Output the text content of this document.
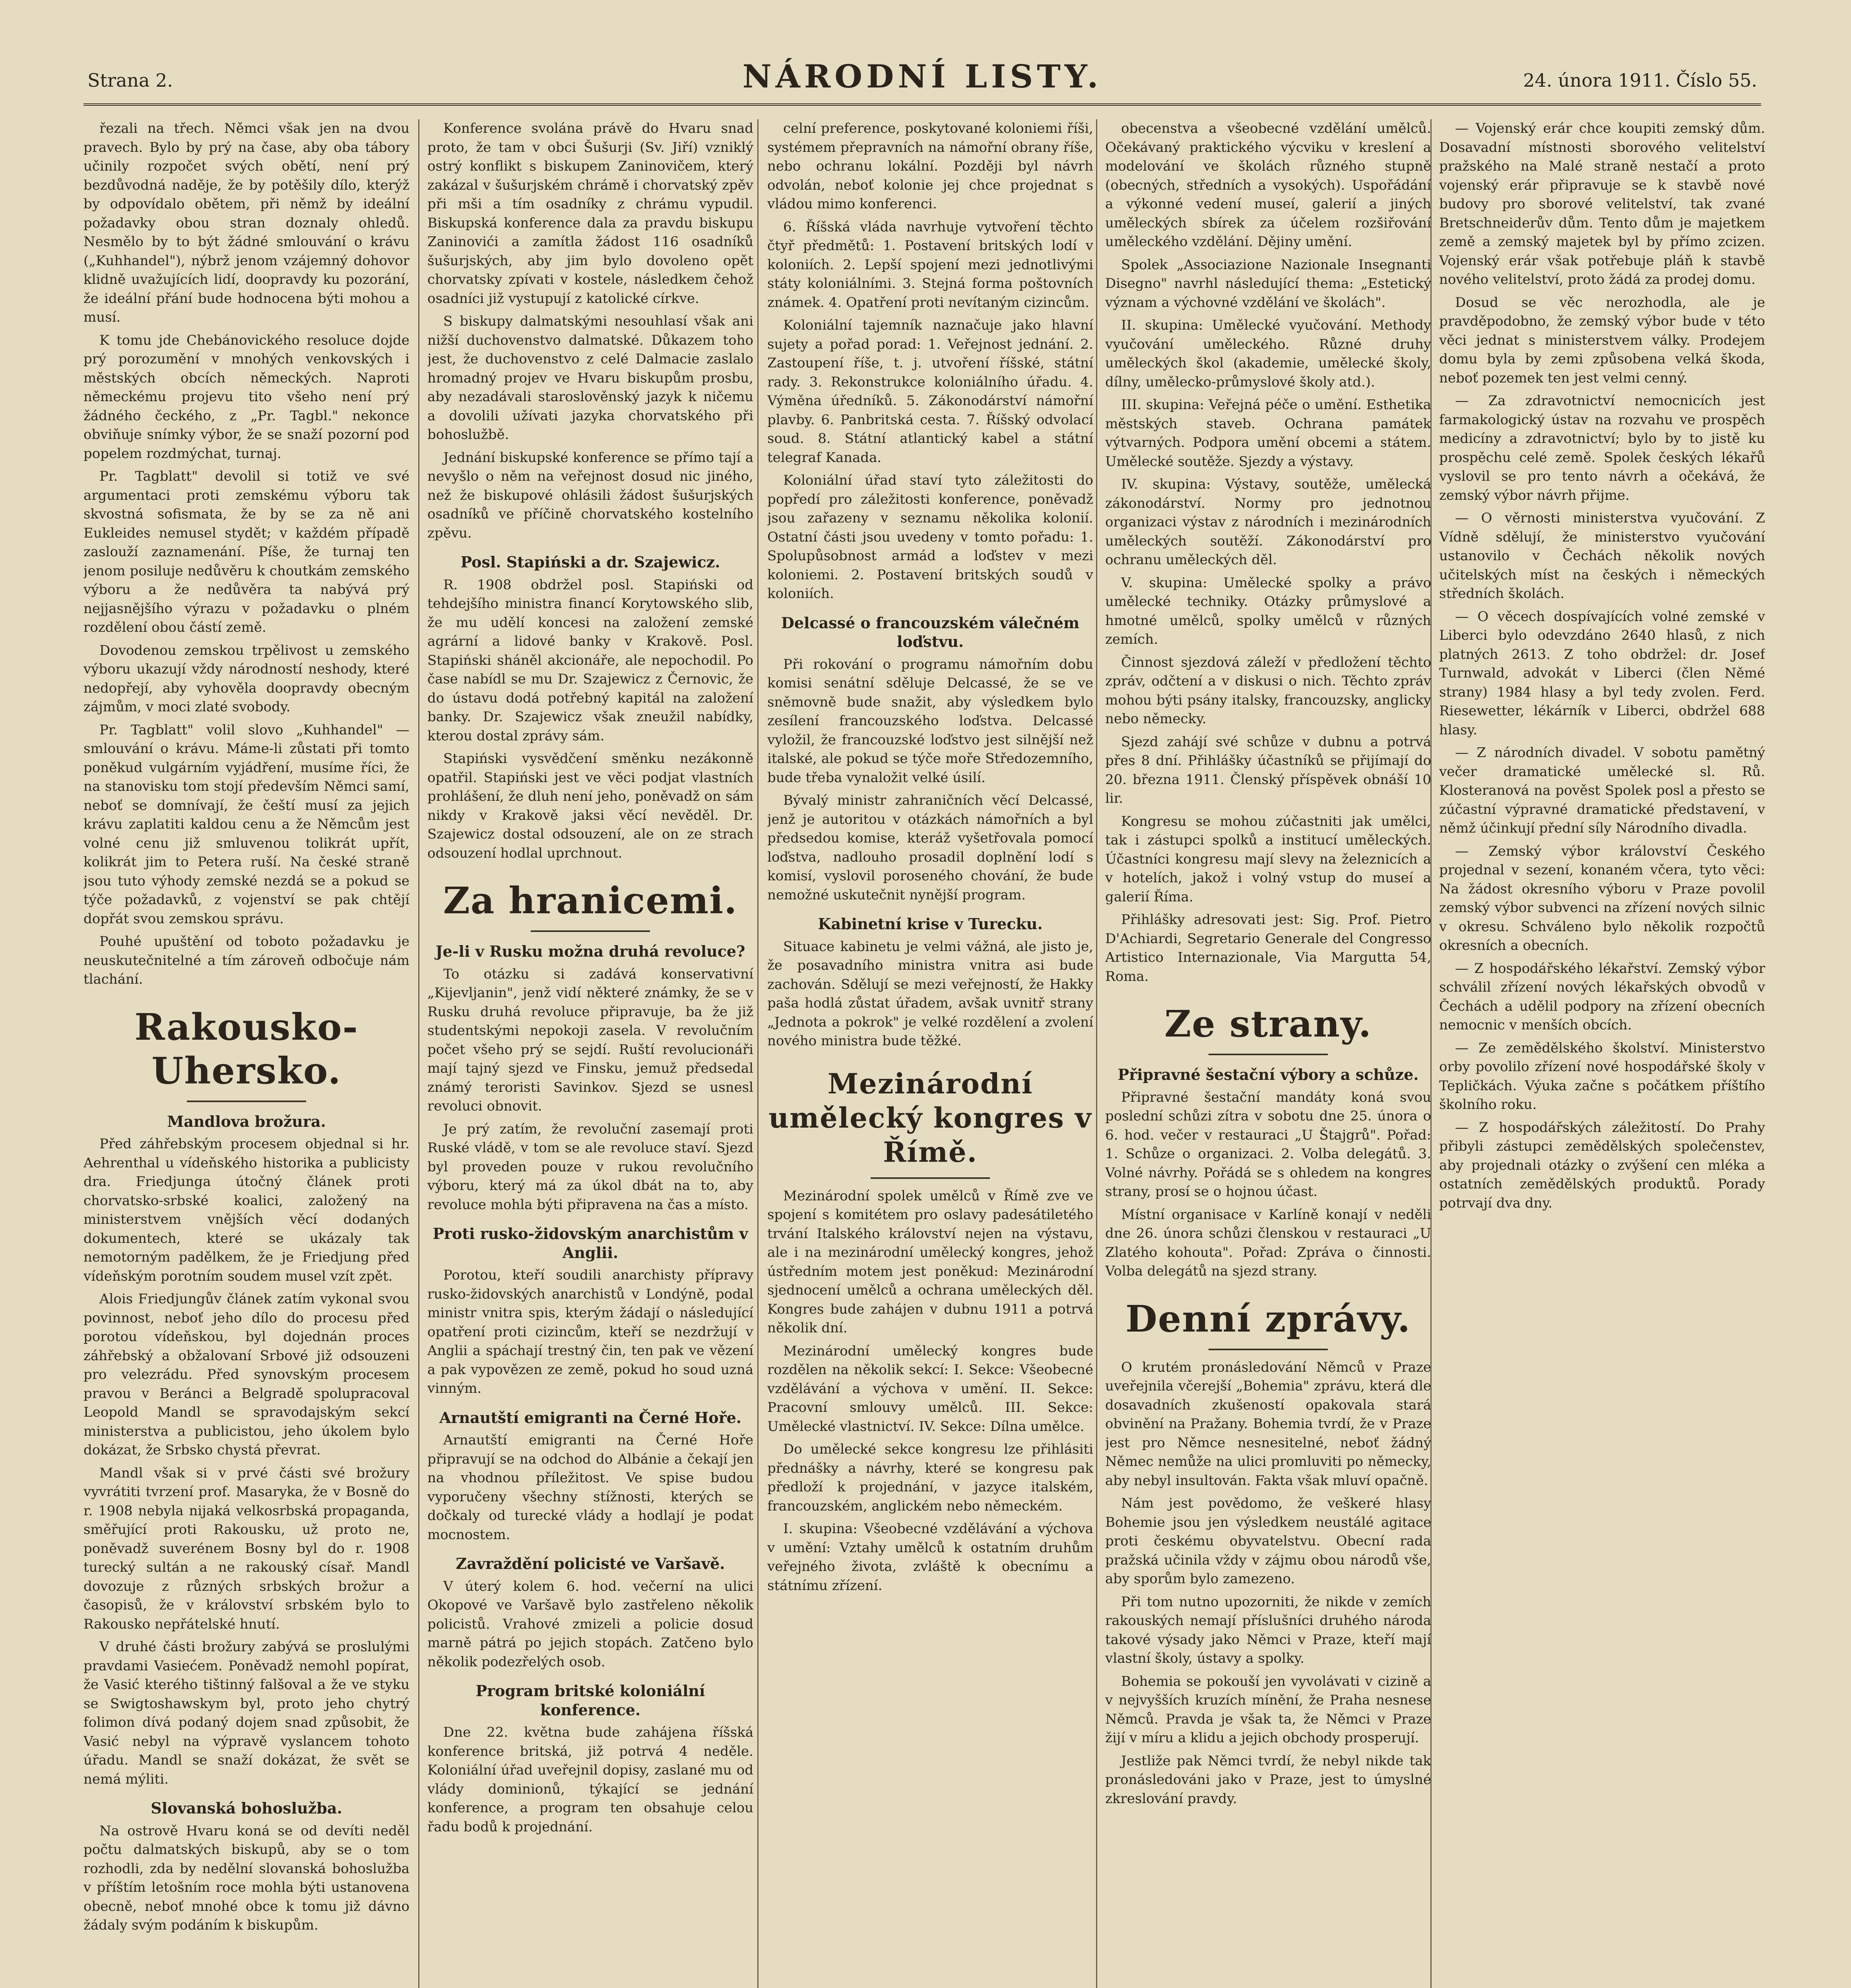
Strana 2.	NÁRODNÍ LISTY.	24. února 1911. Číslo 55.

řezali na třech. Němci však jen na dvou pravech. Bylo by prý na čase, aby oba tábory učinily rozpočet svých obětí, není prý bezdůvodná naděje, že by potěšily dílo, kterýž by odpovídalo obětem, při němž by ideální požadavky obou stran doznaly ohledů. Nesmělo by to být žádné smlouvání o krávu („Kuhhandel"), nýbrž jenom vzájemný dohovor klidně uvažujících lidí, doopravdy ku pozorání, že ideální přání bude hodnocena býti mohou a musí.

K tomu jde Chebánovického resoluce dojde prý porozumění v mnohých venkovských i městských obcích německých. Naproti německému projevu tito všeho není prý žádného čeckého, z „Pr. Tagbl." nekonce obviňuje snímky výbor, že se snaží pozorní pod popelem rozdmýchat, turnaj.

Pr. Tagblatt" devolil si totiž ve své argumentaci proti zemskému výboru tak skvostná sofismata, že by se za ně ani Eukleides nemusel stydět; v každém případě zaslouží zaznamenání. Píše, že turnaj ten jenom posiluje nedůvěru k choutkám zemského výboru a že nedůvěra ta nabývá prý nejjasnějšího výrazu v požadavku o plném rozdělení obou částí země.

Dovodenou zemskou trpělivost u zemského výboru ukazují vždy národností neshody, které nedopřejí, aby vyhověla doopravdy obecným zájmům, v moci zlaté svobody.

Pr. Tagblatt" volil slovo „Kuhhandel" — smlouvání o krávu. Máme-li zůstati při tomto poněkud vulgárním vyjádření, musíme říci, že na stanovisku tom stojí především Němci samí, neboť se domnívají, že čeští musí za jejich krávu zaplatiti kaldou cenu a že Němcům jest volné cenu již smluvenou tolikrát upřít, kolikrát jim to Petera ruší. Na české straně jsou tuto výhody zemské nezdá se a pokud se týče požadavků, z vojenství se pak chtějí dopřát svou zemskou správu.

Pouhé upuštění od toboto požadavku je neuskutečnitelné a tím zároveň odbočuje nám tlachání.

Rakousko-Uhersko.
Mandlova brožura.

Před záhřebským procesem objednal si hr. Aehrenthal u vídeňského historika a publicisty dra. Friedjunga útočný článek proti chorvatsko-srbské koalici, založený na ministerstvem vnějších věcí dodaných dokumentech, které se ukázaly tak nemotorným padělkem, že je Friedjung před vídeňským porotním soudem musel vzít zpět.

Alois Friedjungův článek zatím vykonal svou povinnost, neboť jeho dílo do procesu před porotou vídeňskou, byl dojednán proces záhřebský a obžalovaní Srbové již odsouzeni pro velezrádu. Před synovským procesem pravou v Beránci a Belgradě spolupracoval Leopold Mandl se spravodajským sekcí ministerstva a publicistou, jeho úkolem bylo dokázat, že Srbsko chystá převrat.

Mandl však si v prvé části své brožury vyvrátiti tvrzení prof. Masaryka, že v Bosně do r. 1908 nebyla nijaká velkosrbská propaganda, směřující proti Rakousku, už proto ne, poněvadž suverénem Bosny byl do r. 1908 turecký sultán a ne rakouský císař. Mandl dovozuje z různých srbských brožur a časopisů, že v království srbském bylo to Rakousko nepřátelské hnutí.

V druhé části brožury zabývá se proslulými pravdami Vasiećem. Poněvadž nemohl popírat, že Vasić kterého tištinný falšoval a že ve styku se Swigtoshawskym byl, proto jeho chytrý folimon dívá podaný dojem snad způsobit, že Vasić nebyl na výpravě vyslancem tohoto úřadu. Mandl se snaží dokázat, že svět se nemá mýliti.

Slovanská bohoslužba.

Na ostrově Hvaru koná se od devíti neděl počtu dalmatských biskupů, aby se o tom rozhodli, zda by nedělní slovanská bohoslužba v příštím letošním roce mohla býti ustanovena obecně, neboť mnohé obce k tomu již dávno žádaly svým podáním k biskupům.

Konference svolána právě do Hvaru snad proto, že tam v obci Šušurji (Sv. Jiří) vzniklý ostrý konflikt s biskupem Zaninovičem, který zakázal v šušurjském chrámě i chorvatský zpěv při mši a tím osadníky z chrámu vypudil. Biskupská konference dala za pravdu biskupu Zaninovići a zamítla žádost 116 osadníků šušurjských, aby jim bylo dovoleno opět chorvatsky zpívati v kostele, následkem čehož osadníci již vystupují z katolické církve.

S biskupy dalmatskými nesouhlasí však ani nižší duchovenstvo dalmatské. Důkazem toho jest, že duchovenstvo z celé Dalmacie zaslalo hromadný projev ve Hvaru biskupům prosbu, aby nezadávali staroslověnský jazyk k ničemu a dovolili užívati jazyka chorvatského při bohoslužbě.

Jednání biskupské konference se přímo tají a nevyšlo o něm na veřejnost dosud nic jiného, než že biskupové ohlásili žádost šušurjských osadníků ve příčině chorvatského kostelního zpěvu.

Posl. Stapiński a dr. Szajewicz.

R. 1908 obdržel posl. Stapiński od tehdejšího ministra financí Korytowského slib, že mu udělí koncesi na založení zemské agrární a lidové banky v Krakově. Posl. Stapiński sháněl akcionáře, ale nepochodil. Po čase nabídl se mu Dr. Szajewicz z Černovic, že do ústavu dodá potřebný kapitál na založení banky. Dr. Szajewicz však zneužil nabídky, kterou dostal zprávy sám.

Stapiński vysvědčení směnku nezákonně opatřil. Stapiński jest ve věci podjat vlastních prohlášení, že dluh není jeho, poněvadž on sám nikdy v Krakově jaksi věcí nevěděl. Dr. Szajewicz dostal odsouzení, ale on ze strach odsouzení hodlal uprchnout.

Za hranicemi.
Je-li v Rusku možna druhá revoluce?

To otázku si zadává konservativní „Kijevljanin", jenž vidí některé známky, že se v Rusku druhá revoluce připravuje, ba že již studentskými nepokoji zasela. V revolučním počet všeho prý se sejdí. Ruští revolucionáři mají tajný sjezd ve Finsku, jemuž předsedal známý teroristi Savinkov. Sjezd se usnesl revoluci obnovit.

Je prý zatím, že revoluční zasemají proti Ruské vládě, v tom se ale revoluce staví. Sjezd byl proveden pouze v rukou revolučního výboru, který má za úkol dbát na to, aby revoluce mohla býti připravena na čas a místo.

Proti rusko-židovským anarchistům v Anglii.

Porotou, kteří soudili anarchisty přípravy rusko-židovských anarchistů v Londýně, podal ministr vnitra spis, kterým žádají o následující opatření proti cizincům, kteří se nezdržují v Anglii a spáchají trestný čin, ten pak ve vězení a pak vypovězen ze země, pokud ho soud uzná vinným.

Arnautští emigranti na Černé Hoře.

Arnautští emigranti na Černé Hoře připravují se na odchod do Albánie a čekají jen na vhodnou příležitost. Ve spise budou vyporučeny všechny stížnosti, kterých se dočkaly od turecké vlády a hodlají je podat mocnostem.

Zavraždění policisté ve Varšavě.

V úterý kolem 6. hod. večerní na ulici Okopové ve Varšavě bylo zastřeleno několik policistů. Vrahové zmizeli a policie dosud marně pátrá po jejich stopách. Zatčeno bylo několik podezřelých osob.

Program britské koloniální konference.

Dne 22. května bude zahájena říšská konference britská, již potrvá 4 neděle. Koloniální úřad uveřejnil dopisy, zaslané mu od vlády dominionů, týkající se jednání konference, a program ten obsahuje celou řadu bodů k projednání.

celní preference, poskytované koloniemi říši, systémem přepravních na námořní obrany říše, nebo ochranu lokální. Později byl návrh odvolán, neboť kolonie jej chce projednat s vládou mimo konferenci.

6. Říšská vláda navrhuje vytvoření těchto čtyř předmětů: 1. Postavení britských lodí v koloniích. 2. Lepší spojení mezi jednotlivými státy koloniálními. 3. Stejná forma poštovních známek. 4. Opatření proti nevítaným cizincům.

Koloniální tajemník naznačuje jako hlavní sujety a pořad porad: 1. Veřejnost jednání. 2. Zastoupení říše, t. j. utvoření říšské, státní rady. 3. Rekonstrukce koloniálního úřadu. 4. Výměna úředníků. 5. Zákonodárství námořní plavby. 6. Panbritská cesta. 7. Říšský odvolací soud. 8. Státní atlantický kabel a státní telegraf Kanada.

Koloniální úřad staví tyto záležitosti do popředí pro záležitosti konference, poněvadž jsou zařazeny v seznamu několika kolonií. Ostatní části jsou uvedeny v tomto pořadu: 1. Spolupůsobnost armád a loďstev v mezi koloniemi. 2. Postavení britských soudů v koloniích.

Delcassé o francouzském válečném loďstvu.

Při rokování o programu námořním dobu komisi senátní sděluje Delcassé, že se ve sněmovně bude snažit, aby výsledkem bylo zesílení francouzského loďstva. Delcassé vyložil, že francouzské loďstvo jest silnější než italské, ale pokud se týče moře Středozemního, bude třeba vynaložit velké úsilí.

Bývalý ministr zahraničních věcí Delcassé, jenž je autoritou v otázkách námořních a byl předsedou komise, kteráž vyšetřovala pomocí loďstva, nadlouho prosadil doplnění lodí s komisí, vyslovil poroseného chování, že bude nemožné uskutečnit nynější program.

Kabinetní krise v Turecku.

Situace kabinetu je velmi vážná, ale jisto je, že posavadního ministra vnitra asi bude zachován. Sdělují se mezi veřejností, že Hakky paša hodlá zůstat úřadem, avšak uvnitř strany „Jednota a pokrok" je velké rozdělení a zvolení nového ministra bude těžké.

Mezinárodní umělecký kongres v Římě.

Mezinárodní spolek umělců v Římě zve ve spojení s komitétem pro oslavy padesátiletého trvání Italského království nejen na výstavu, ale i na mezinárodní umělecký kongres, jehož ústředním motem jest poněkud: Mezinárodní sjednocení umělců a ochrana uměleckých děl. Kongres bude zahájen v dubnu 1911 a potrvá několik dní.

Mezinárodní umělecký kongres bude rozdělen na několik sekcí: I. Sekce: Všeobecné vzdělávání a výchova v umění. II. Sekce: Pracovní smlouvy umělců. III. Sekce: Umělecké vlastnictví. IV. Sekce: Dílna umělce.

Do umělecké sekce kongresu lze přihlásiti přednášky a návrhy, které se kongresu pak předloží k projednání, v jazyce italském, francouzském, anglickém nebo německém.

I. skupina: Všeobecné vzdělávání a výchova v umění: Vztahy umělců k ostatním druhům veřejného života, zvláště k obecnímu a státnímu zřízení.

obecenstva a všeobecné vzdělání umělců. Očekávaný praktického výcviku v kreslení a modelování ve školách různého stupně (obecných, středních a vysokých). Uspořádání a výkonné vedení museí, galerií a jiných uměleckých sbírek za účelem rozšiřování uměleckého vzdělání. Dějiny umění.

Spolek „Associazione Nazionale Insegnanti Disegno" navrhl následující thema: „Estetický význam a výchovné vzdělání ve školách".

II. skupina: Umělecké vyučování. Methody vyučování uměleckého. Různé druhy uměleckých škol (akademie, umělecké školy, dílny, umělecko-průmyslové školy atd.).

III. skupina: Veřejná péče o umění. Esthetika městských staveb. Ochrana památek výtvarných. Podpora umění obcemi a státem. Umělecké soutěže. Sjezdy a výstavy.

IV. skupina: Výstavy, soutěže, umělecká zákonodárství. Normy pro jednotnou organizaci výstav z národních i mezinárodních uměleckých soutěží. Zákonodárství pro ochranu uměleckých děl.

V. skupina: Umělecké spolky a právo umělecké techniky. Otázky průmyslové a hmotné umělců, spolky umělců v různých zemích.

Činnost sjezdová záleží v předložení těchto zpráv, odčtení a v diskusi o nich. Těchto zpráv mohou býti psány italsky, francouzsky, anglicky nebo německy.

Sjezd zahájí své schůze v dubnu a potrvá přes 8 dní. Přihlášky účastníků se přijímají do 20. března 1911. Členský příspěvek obnáší 10 lir.

Kongresu se mohou zúčastniti jak umělci, tak i zástupci spolků a institucí uměleckých. Účastníci kongresu mají slevy na železnicích a v hotelích, jakož i volný vstup do museí a galerií Říma.

Přihlášky adresovati jest: Sig. Prof. Pietro D'Achiardi, Segretario Generale del Congresso Artistico Internazionale, Via Margutta 54, Roma.

Ze strany.
Připravné šestační výbory a schůze.

Připravné šestační mandáty koná svou poslední schůzi zítra v sobotu dne 25. února o 6. hod. večer v restauraci „U Štajgrů". Pořad: 1. Schůze o organizaci. 2. Volba delegátů. 3. Volné návrhy. Pořádá se s ohledem na kongres strany, prosí se o hojnou účast.

Místní organisace v Karlíně konají v neděli dne 26. února schůzi členskou v restauraci „U Zlatého kohouta". Pořad: Zpráva o činnosti. Volba delegátů na sjezd strany.

Denní zprávy.

O krutém pronásledování Němců v Praze uveřejnila včerejší „Bohemia" zprávu, která dle dosavadních zkušeností opakovala stará obvinění na Pražany. Bohemia tvrdí, že v Praze jest pro Němce nesnesitelné, neboť žádný Němec nemůže na ulici promluviti po německy, aby nebyl insultován. Fakta však mluví opačně.

Nám jest povědomo, že veškeré hlasy Bohemie jsou jen výsledkem neustálé agitace proti českému obyvatelstvu. Obecní rada pražská učinila vždy v zájmu obou národů vše, aby sporům bylo zamezeno.

Při tom nutno upozorniti, že nikde v zemích rakouských nemají příslušníci druhého národa takové výsady jako Němci v Praze, kteří mají vlastní školy, ústavy a spolky.

Bohemia se pokouší jen vyvolávati v cizině a v nejvyšších kruzích mínění, že Praha nesnese Němců. Pravda je však ta, že Němci v Praze žijí v míru a klidu a jejich obchody prosperují.

Jestliže pak Němci tvrdí, že nebyl nikde tak pronásledováni jako v Praze, jest to úmyslné zkreslování pravdy.

— Vojenský erár chce koupiti zemský dům. Dosavadní místnosti sborového velitelství pražského na Malé straně nestačí a proto vojenský erár připravuje se k stavbě nové budovy pro sborové velitelství, tak zvané Bretschneiderův dům. Tento dům je majetkem země a zemský majetek byl by přímo zcizen. Vojenský erár však potřebuje pláň k stavbě nového velitelství, proto žádá za prodej domu.

Dosud se věc nerozhodla, ale je pravděpodobno, že zemský výbor bude v této věci jednat s ministerstvem války. Prodejem domu byla by zemi způsobena velká škoda, neboť pozemek ten jest velmi cenný.

— Za zdravotnictví nemocnicích jest farmakologický ústav na rozvahu ve prospěch medicíny a zdravotnictví; bylo by to jistě ku prospěchu celé země. Spolek českých lékařů vyslovil se pro tento návrh a očekává, že zemský výbor návrh přijme.

— O věrnosti ministerstva vyučování. Z Vídně sdělují, že ministerstvo vyučování ustanovilo v Čechách několik nových učitelských míst na českých i německých středních školách.

— O věcech dospívajících volné zemské v Liberci bylo odevzdáno 2640 hlasů, z nich platných 2613. Z toho obdržel: dr. Josef Turnwald, advokát v Liberci (člen Němé strany) 1984 hlasy a byl tedy zvolen. Ferd. Riesewetter, lékárník v Liberci, obdržel 688 hlasy.

— Z národních divadel. V sobotu pamětný večer dramatické umělecké sl. Rů. Klosteranová na pověst Spolek posl a přesto se zúčastní výpravné dramatické představení, v němž účinkují přední síly Národního divadla.

— Zemský výbor království Českého projednal v sezení, konaném včera, tyto věci: Na žádost okresního výboru v Praze povolil zemský výbor subvenci na zřízení nových silnic v okresu. Schváleno bylo několik rozpočtů okresních a obecních.

— Z hospodářského lékařství. Zemský výbor schválil zřízení nových lékařských obvodů v Čechách a udělil podpory na zřízení obecních nemocnic v menších obcích.

— Ze zemědělského školství. Ministerstvo orby povolilo zřízení nové hospodářské školy v Tepličkách. Výuka začne s počátkem příštího školního roku.

— Z hospodářských záležitostí. Do Prahy přibyli zástupci zemědělských společenstev, aby projednali otázky o zvýšení cen mléka a ostatních zemědělských produktů. Porady potrvají dva dny.
